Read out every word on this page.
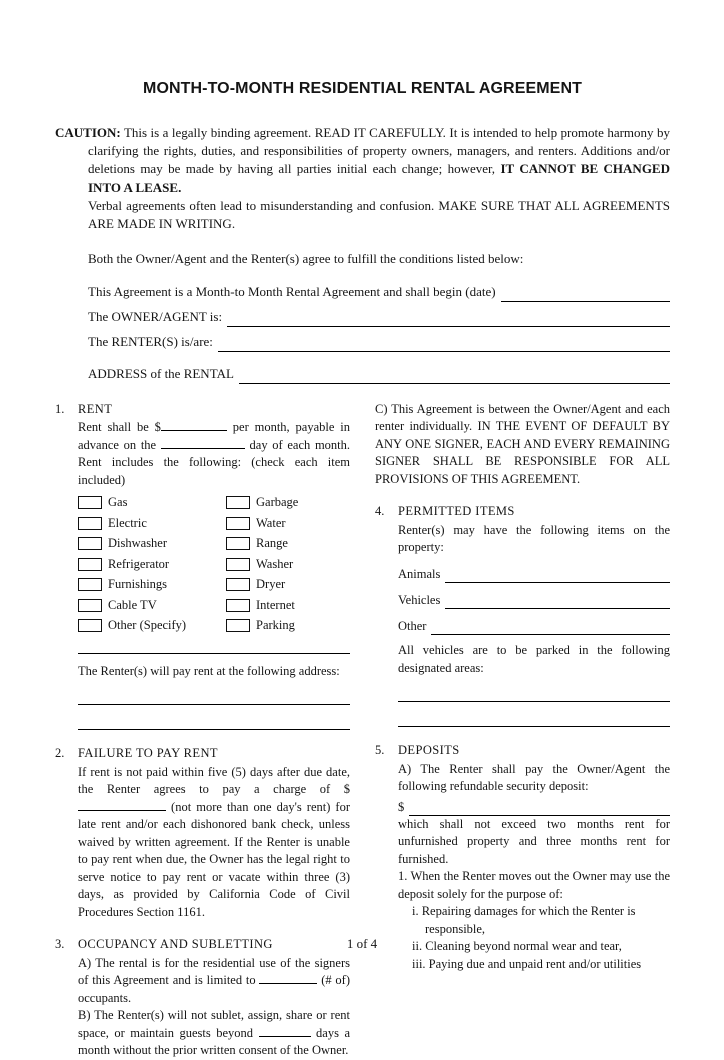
MONTH-TO-MONTH RESIDENTIAL RENTAL AGREEMENT

CAUTION: This is a legally binding agreement. READ IT CAREFULLY. It is intended to help promote harmony by clarifying the rights, duties, and responsibilities of property owners, managers, and renters. Additions and/or deletions may be made by having all parties initial each change; however, IT CANNOT BE CHANGED INTO A LEASE.

Verbal agreements often lead to misunderstanding and confusion. MAKE SURE THAT ALL AGREEMENTS ARE MADE IN WRITING.

Both the Owner/Agent and the Renter(s) agree to fulfill the conditions listed below:

This Agreement is a Month-to Month Rental Agreement and shall begin (date)
The OWNER/AGENT is:
The RENTER(S) is/are:
ADDRESS of the RENTAL
1.	RENT

Rent shall be $	per month, payable in advance on the	day of each month. Rent includes the following: (check each item included)

Gas	Garbage
Electric	Water
Dishwasher	Range
Refrigerator	Washer
Furnishings	Dryer
Cable TV	Internet
Other (Specify)	Parking

The Renter(s) will pay rent at the following address:

2.	FAILURE TO PAY RENT

If rent is not paid within five (5) days after due date, the Renter agrees to pay a charge of $  (not more than one day's rent) for late rent and/or each dishonored bank check, unless waived by written agreement. If the Renter is unable to pay rent when due, the Owner has the legal right to serve notice to pay rent or vacate within three (3) days, as provided by California Code of Civil Procedures Section 1161.

3.	OCCUPANCY AND SUBLETTING

A) The rental is for the residential use of the signers of this Agreement and is limited to	(# of) occupants.

B) The Renter(s) will not sublet, assign, share or rent space, or maintain guests beyond	days a month without the prior written consent of the Owner.

C) This Agreement is between the Owner/Agent and each renter individually. IN THE EVENT OF DEFAULT BY ANY ONE SIGNER, EACH AND EVERY REMAINING SIGNER SHALL BE RESPONSIBLE FOR ALL PROVISIONS OF THIS AGREEMENT.

4.	PERMITTED ITEMS

Renter(s) may have the following items on the property:

Animals
Vehicles
Other

All vehicles are to be parked in the following designated areas:

5.	DEPOSITS

A) The Renter shall pay the Owner/Agent the following refundable security deposit:

$

which shall not exceed two months rent for unfurnished property and three months rent for furnished.

1. When the Renter moves out the Owner may use the deposit solely for the purpose of:

i. Repairing damages for which the Renter is responsible,

ii. Cleaning beyond normal wear and tear,

iii. Paying due and unpaid rent and/or utilities

1 of 4
